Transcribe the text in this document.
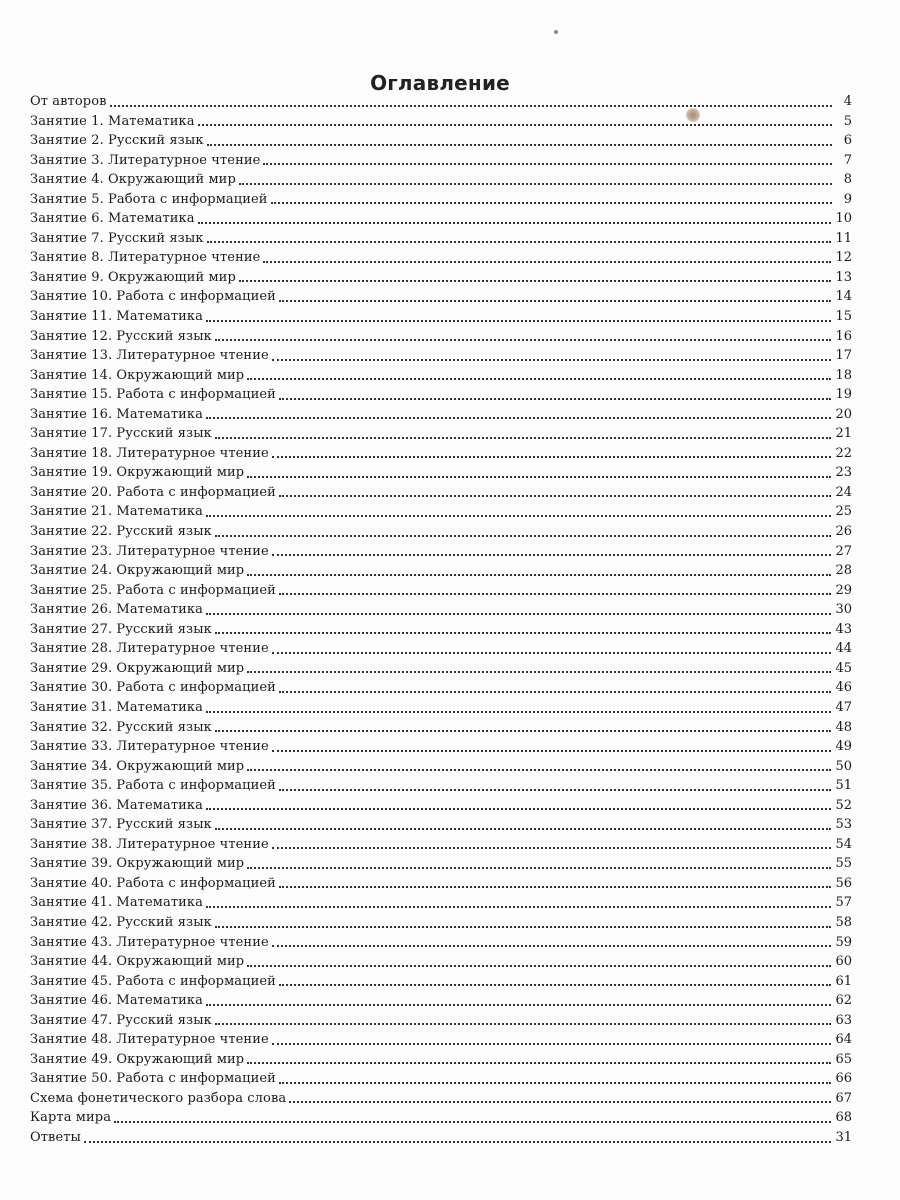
Оглавление
От авторов	4
Занятие 1. Математика	5
Занятие 2. Русский язык	6
Занятие 3. Литературное чтение	7
Занятие 4. Окружающий мир	8
Занятие 5. Работа с информацией	9
Занятие 6. Математика	10
Занятие 7. Русский язык	11
Занятие 8. Литературное чтение	12
Занятие 9. Окружающий мир	13
Занятие 10. Работа с информацией	14
Занятие 11. Математика	15
Занятие 12. Русский язык	16
Занятие 13. Литературное чтение	17
Занятие 14. Окружающий мир	18
Занятие 15. Работа с информацией	19
Занятие 16. Математика	20
Занятие 17. Русский язык	21
Занятие 18. Литературное чтение	22
Занятие 19. Окружающий мир	23
Занятие 20. Работа с информацией	24
Занятие 21. Математика	25
Занятие 22. Русский язык	26
Занятие 23. Литературное чтение	27
Занятие 24. Окружающий мир	28
Занятие 25. Работа с информацией	29
Занятие 26. Математика	30
Занятие 27. Русский язык	43
Занятие 28. Литературное чтение	44
Занятие 29. Окружающий мир	45
Занятие 30. Работа с информацией	46
Занятие 31. Математика	47
Занятие 32. Русский язык	48
Занятие 33. Литературное чтение	49
Занятие 34. Окружающий мир	50
Занятие 35. Работа с информацией	51
Занятие 36. Математика	52
Занятие 37. Русский язык	53
Занятие 38. Литературное чтение	54
Занятие 39. Окружающий мир	55
Занятие 40. Работа с информацией	56
Занятие 41. Математика	57
Занятие 42. Русский язык	58
Занятие 43. Литературное чтение	59
Занятие 44. Окружающий мир	60
Занятие 45. Работа с информацией	61
Занятие 46. Математика	62
Занятие 47. Русский язык	63
Занятие 48. Литературное чтение	64
Занятие 49. Окружающий мир	65
Занятие 50. Работа с информацией	66
Схема фонетического разбора слова	67
Карта мира	68
Ответы	31
